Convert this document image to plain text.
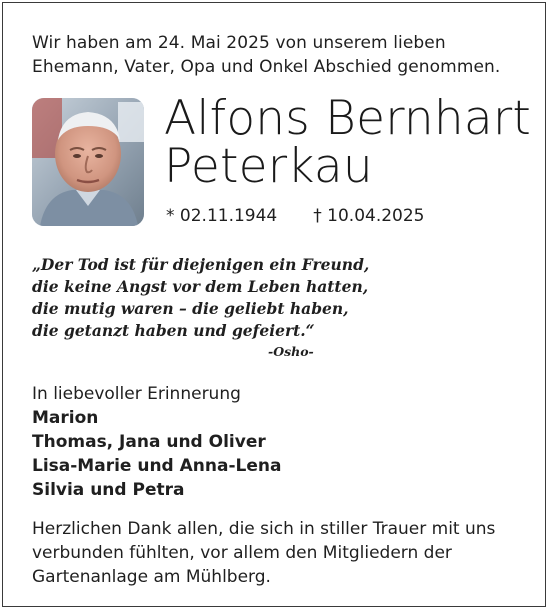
Wir haben am 24. Mai 2025 von unserem lieben
Ehemann, Vater, Opa und Onkel Abschied genommen.

Alfons Bernhart
Peterkau
* 02.11.1944 † 10.04.2025

„Der Tod ist für diejenigen ein Freund,
die keine Angst vor dem Leben hatten,
die mutig waren – die geliebt haben,
die getanzt haben und gefeiert.“

-Osho-
In liebevoller Erinnerung
Marion
Thomas, Jana und Oliver
Lisa-Marie und Anna-Lena
Silvia und Petra

Herzlichen Dank allen, die sich in stiller Trauer mit uns
verbunden fühlten, vor allem den Mitgliedern der
Gartenanlage am Mühlberg.
